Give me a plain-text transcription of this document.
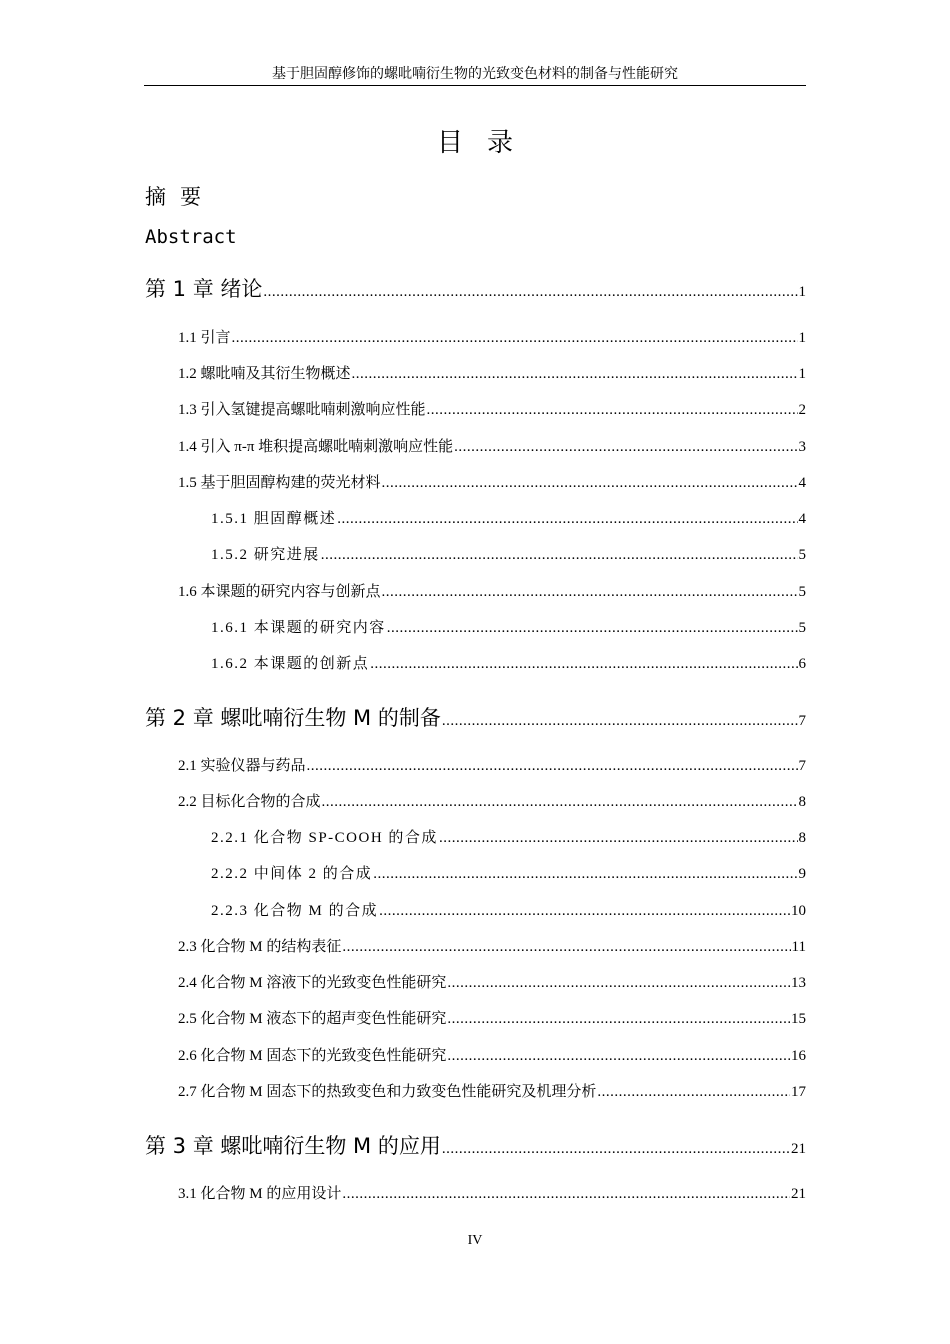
基于胆固醇修饰的螺吡喃衍生物的光致变色材料的制备与性能研究
目录
摘要
Abstract
第 1 章 绪论 .....	1
1.1 引言 .....	1
1.2 螺吡喃及其衍生物概述 .....	1
1.3 引入氢键提高螺吡喃刺激响应性能 .....	2
1.4 引入 π-π 堆积提高螺吡喃刺激响应性能 .....	3
1.5 基于胆固醇构建的荧光材料 .....	4
1.5.1 胆固醇概述 .....	4
1.5.2 研究进展 .....	5
1.6 本课题的研究内容与创新点 .....	5
1.6.1 本课题的研究内容 .....	5
1.6.2 本课题的创新点 .....	6
第 2 章 螺吡喃衍生物 M 的制备 .....	7
2.1 实验仪器与药品 .....	7
2.2 目标化合物的合成 .....	8
2.2.1 化合物 SP-COOH 的合成 .....	8
2.2.2 中间体 2 的合成 .....	9
2.2.3 化合物 M 的合成 .....	10
2.3 化合物 M 的结构表征 .....	11
2.4 化合物 M 溶液下的光致变色性能研究 .....	13
2.5 化合物 M 液态下的超声变色性能研究 .....	15
2.6 化合物 M 固态下的光致变色性能研究 .....	16
2.7 化合物 M 固态下的热致变色和力致变色性能研究及机理分析 .....	17
第 3 章 螺吡喃衍生物 M 的应用 .....	21
3.1 化合物 M 的应用设计 .....	21
IV
